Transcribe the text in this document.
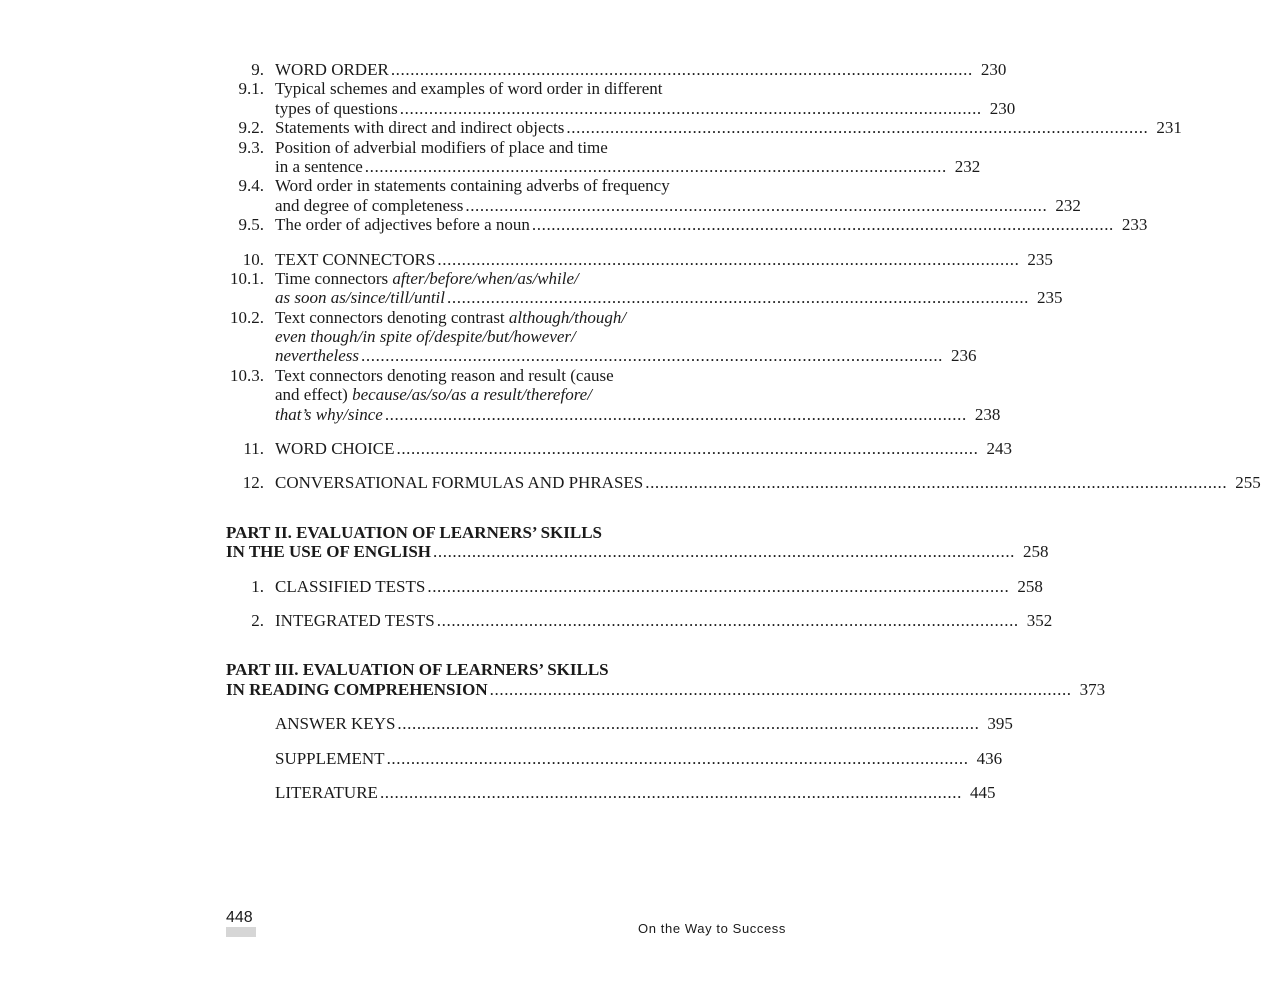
9. WORD ORDER ........................................................................................................................ 230
9.1. Typical schemes and examples of word order in different
types of questions ........................................................................................................................ 230
9.2. Statements with direct and indirect objects ........................................................................................................................ 231
9.3. Position of adverbial modifiers of place and time
in a sentence ........................................................................................................................ 232
9.4. Word order in statements containing adverbs of frequency
and degree of completeness ........................................................................................................................ 232
9.5. The order of adjectives before a noun ........................................................................................................................ 233
10. TEXT CONNECTORS ........................................................................................................................ 235
10.1. Time connectors after/before/when/as/while/
as soon as/since/till/until ........................................................................................................................ 235
10.2. Text connectors denoting contrast although/though/
even though/in spite of/despite/but/however/
nevertheless ........................................................................................................................ 236
10.3. Text connectors denoting reason and result (cause
and effect) because/as/so/as a result/therefore/
that’s why/since ........................................................................................................................ 238
11. WORD CHOICE ........................................................................................................................ 243
12. CONVERSATIONAL FORMULAS AND PHRASES ........................................................................................................................ 255
PART II. EVALUATION OF LEARNERS’ SKILLS
IN THE USE OF ENGLISH ........................................................................................................................ 258
1. CLASSIFIED TESTS ........................................................................................................................ 258
2. INTEGRATED TESTS ........................................................................................................................ 352
PART III. EVALUATION OF LEARNERS’ SKILLS
IN READING COMPREHENSION ........................................................................................................................ 373
ANSWER KEYS ........................................................................................................................ 395
SUPPLEMENT ........................................................................................................................ 436
LITERATURE ........................................................................................................................ 445
448
On the Way to Success
